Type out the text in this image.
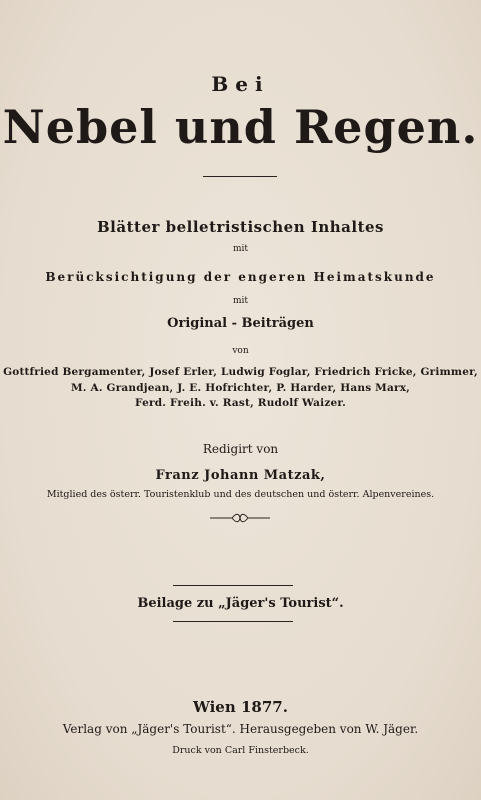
Bei
Nebel und Regen.
Blätter belletristischen Inhaltes
mit
Berücksichtigung der engeren Heimatskunde
mit
Original - Beiträgen
von
Gottfried Bergamenter, Josef Erler, Ludwig Foglar, Friedrich Fricke, Grimmer,
M. A. Grandjean, J. E. Hofrichter, P. Harder, Hans Marx,
Ferd. Freih. v. Rast, Rudolf Waizer.
Redigirt von
Franz Johann Matzak,
Mitglied des österr. Touristenklub und des deutschen und österr. Alpenvereines.
Beilage zu „Jäger's Tourist“.
Wien 1877.
Verlag von „Jäger's Tourist“. Herausgegeben von W. Jäger.
Druck von Carl Finsterbeck.
